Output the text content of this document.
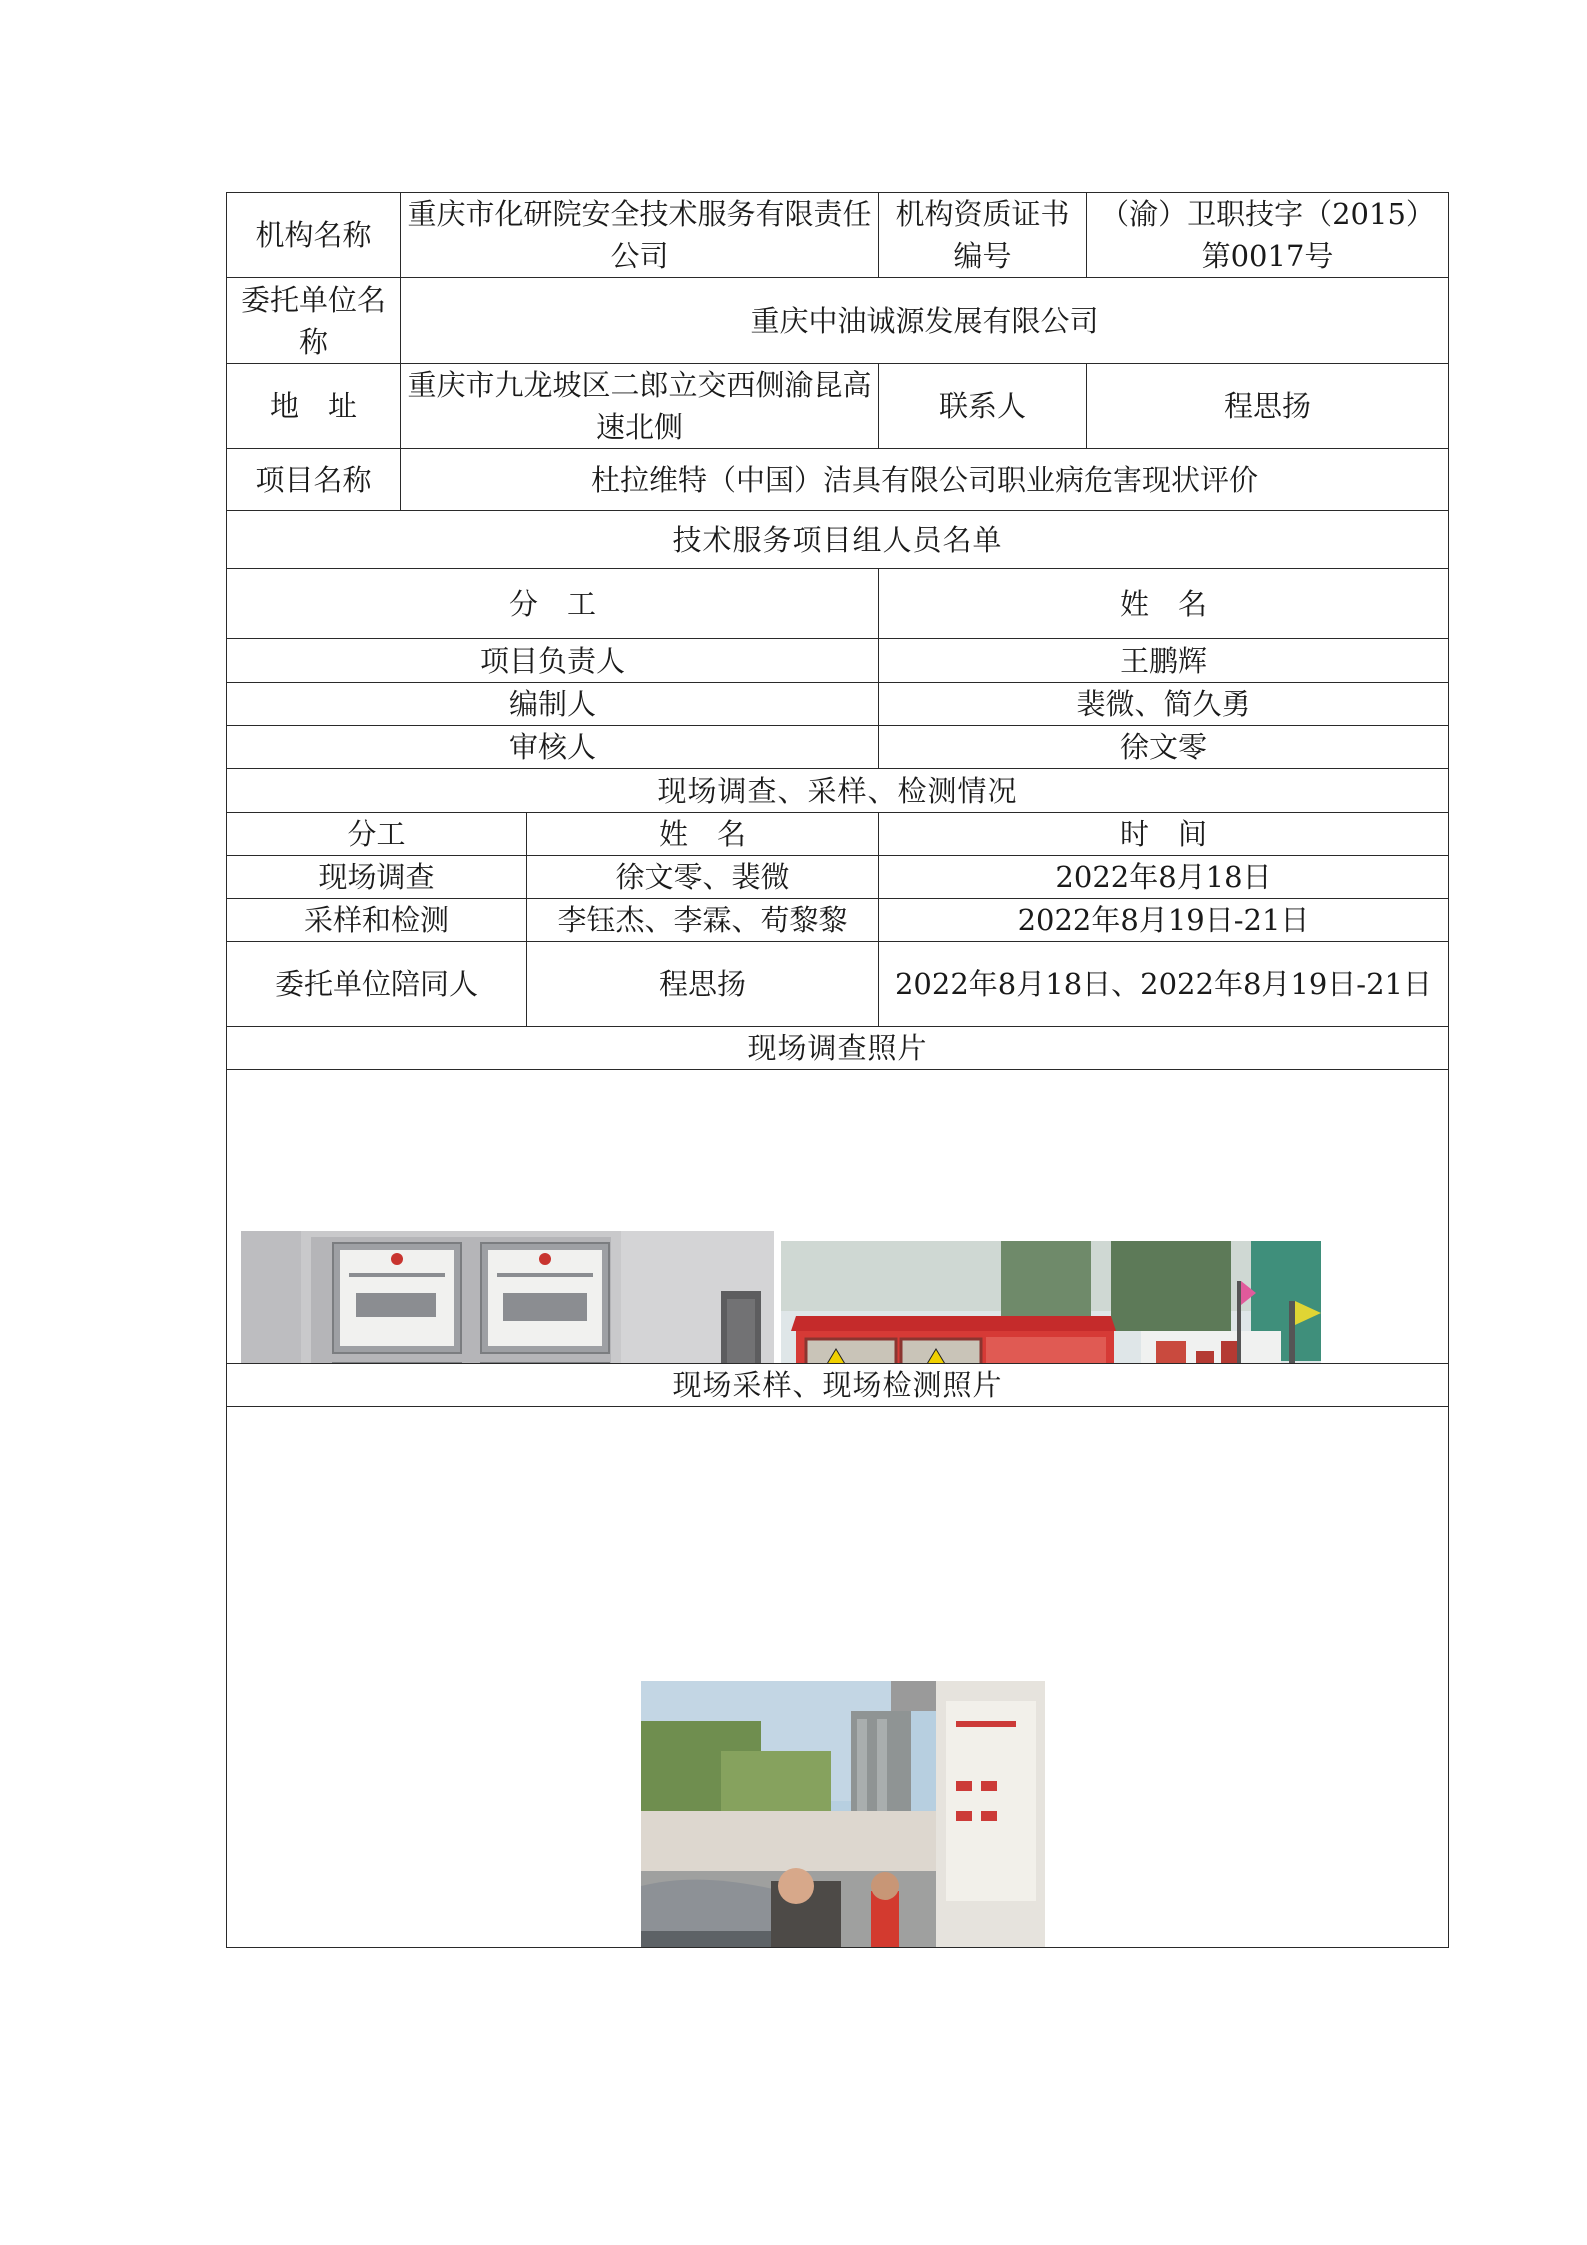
机构名称	重庆市化研院安全技术服务有限责任公司		机构资质证书编号	（渝）卫职技字（2015）第0017号
委托单位名称	重庆中油诚源发展有限公司			
地　址	重庆市九龙坡区二郎立交西侧渝昆高速北侧		联系人	程思扬
项目名称	杜拉维特（中国）洁具有限公司职业病危害现状评价			
技术服务项目组人员名单				
分　工			姓　名	
项目负责人			王鹏辉	
编制人			裴微、简久勇	
审核人			徐文零	
现场调查、采样、检测情况				
分工		姓　名	时　间	
现场调查		徐文零、裴微	2022年8月18日	
采样和检测		李钰杰、李霖、苟黎黎	2022年8月19日-21日	
委托单位陪同人		程思扬	2022年8月18日、2022年8月19日-21日	
现场调查照片				

现场采样、现场检测照片				
